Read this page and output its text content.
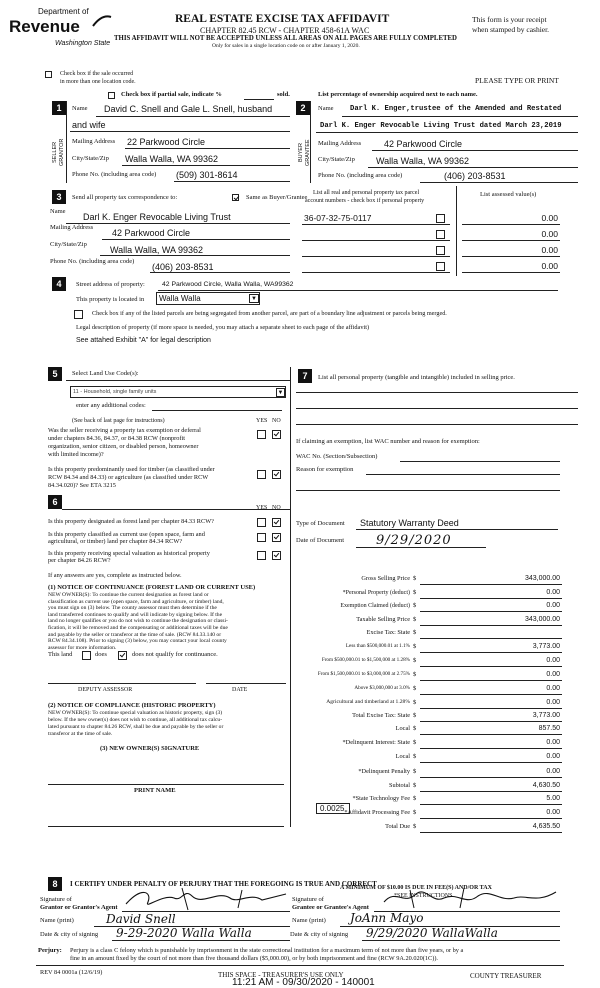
Department of
Revenue
Washington State
REAL ESTATE EXCISE TAX AFFIDAVIT
CHAPTER 82.45 RCW - CHAPTER 458-61A WAC
THIS AFFIDAVIT WILL NOT BE ACCEPTED UNLESS ALL AREAS ON ALL PAGES ARE FULLY COMPLETED
Only for sales in a single location code on or after January 1, 2020.
This form is your receipt
when stamped by cashier.
PLEASE TYPE OR PRINT
Check box if the sale occurred
in more than one location code.
Check box if partial sale, indicate %	sold.	List percentage of ownership acquired next to each name.
1
SELLER GRANTOR
Name David C. Snell and Gale L. Snell, husband
and wife
Mailing Address 22 Parkwood Circle
City/State/Zip Walla Walla, WA 99362
Phone No. (including area code) (509) 301-8614
2
BUYER GRANTEE
Name Darl K. Enger,trustee of the Amended and Restated
Darl K. Enger Revocable Living Trust dated March 23,2019
Mailing Address	42 Parkwood Circle
City/State/Zip Walla Walla, WA 99362
Phone No. (including area code)	(406) 203-8531
3	Send all property tax correspondence to:	Same as Buyer/Grantee
Name
Darl K. Enger Revocable Living Trust
Mailing Address
42 Parkwood Circle
City/State/Zip
Walla Walla, WA 99362
Phone No. (including area code)
(406) 203-8531
List all real and personal property tax parcel
account numbers - check box if personal property
List assessed value(s)
36-07-32-75-0117	0.00
0.00
0.00
0.00
4	Street address of property:	42 Parkwood Circle, Walla Walla, WA99362
This property is located in Walla Walla	▼
Check box if any of the listed parcels are being segregated from another parcel, are part of a boundary line adjustment or parcels being merged.
Legal description of property (if more space is needed, you may attach a separate sheet to each page of the affidavit)
See attahed Exhibit "A" for legal description
5	Select Land Use Code(s):
11 - Household, single family units	▼
enter any additional codes:
(See back of last page for instructions)	YES NO
Was the seller receiving a property tax exemption or deferral
under chapters 84.36, 84.37, or 84.38 RCW (nonprofit
organization, senior citizen, or disabled person, homeowner
with limited income)?
Is this property predominantly used for timber (as classified under
RCW 84.34 and 84.33) or agriculture (as classified under RCW
84.34.020)? See ETA 3215
7	List all personal property (tangible and intangible) included in selling price.
If claiming an exemption, list WAC number and reason for exemption:
WAC No. (Section/Subsection)
Reason for exemption
Type of Document Statutory Warranty Deed
Date of Document 9/29/2020
6
YES NO
Is this property designated as forest land per chapter 84.33 RCW?
Is this property classified as current use (open space, farm and
agricultural, or timber) land per chapter 84.34 RCW?
Is this property receiving special valuation as historical property
per chapter 84.26 RCW?
If any answers are yes, complete as instructed below.
(1) NOTICE OF CONTINUANCE (FOREST LAND OR CURRENT USE)
NEW OWNER(S): To continue the current designation as forest land or
classification as current use (open space, farm and agriculture, or timber) land,
you must sign on (3) below. The county assessor must then determine if the
land transferred continues to qualify and will indicate by signing below. If the
land no longer qualifies or you do not wish to continue the designation or classi-
fication, it will be removed and the compensating or additional taxes will be due
and payable by the seller or transferor at the time of sale. (RCW 84.33.140 or
RCW 84.34.108). Prior to signing (3) below, you may contact your local county
assessor for more information.
This land	does	does not qualify for continuance.
DEPUTY ASSESSOR	DATE
(2) NOTICE OF COMPLIANCE (HISTORIC PROPERTY)
NEW OWNER(S): To continue special valuation as historic property, sign (3)
below. If the new owner(s) does not wish to continue, all additional tax calcu-
lated pursuant to chapter 84.26 RCW, shall be due and payable by the seller or
transferor at the time of sale.
(3) NEW OWNER(S) SIGNATURE
PRINT NAME
Gross Selling Price $	343,000.00
*Personal Property (deduct) $	0.00
Exemption Claimed (deduct) $	0.00
Taxable Selling Price $	343,000.00
Excise Tax: State $
Less than $500,000.01 at 1.1% $	3,773.00
From $500,000.01 to $1,500,000 at 1.28% $	0.00
From $1,500,000.01 to $3,000,000 at 2.75% $	0.00
Above $3,000,000 at 3.0% $	0.00
Agricultural and timberland at 1.28% $	0.00
Total Excise Tax: State $	3,773.00
Local $	857.50
*Delinquent Interest: State $	0.00
Local $	0.00
*Delinquent Penalty $	0.00
Subtotal $	4,630.50
*State Technology Fee $	5.00
*Affidavit Processing Fee $	0.00
Total Due $	4,635.50
0.0025
A MINIMUM OF $10.00 IS DUE IN FEE(S) AND/OR TAX
*SEE INSTRUCTIONS
8	I CERTIFY UNDER PENALTY OF PERJURY THAT THE FOREGOING IS TRUE AND CORRECT
Signature of
Grantor or Grantor's Agent
Name (print)	David Snell
Date & city of signing 9-29-2020 Walla Walla
Signature of
Grantee or Grantee's Agent
Name (print) JoAnn Mayo
Date & city of signing 9/29/2020 WallaWalla
Perjury: Perjury is a class C felony which is punishable by imprisonment in the state correctional institution for a maximum term of not more than five years, or by a
fine in an amount fixed by the court of not more than five thousand dollars ($5,000.00), or by both imprisonment and fine (RCW 9A.20.020(1C)).
REV 84 0001a (12/6/19)	THIS SPACE - TREASURER'S USE ONLY	COUNTY TREASURER
11:21 AM - 09/30/2020 - 140001
